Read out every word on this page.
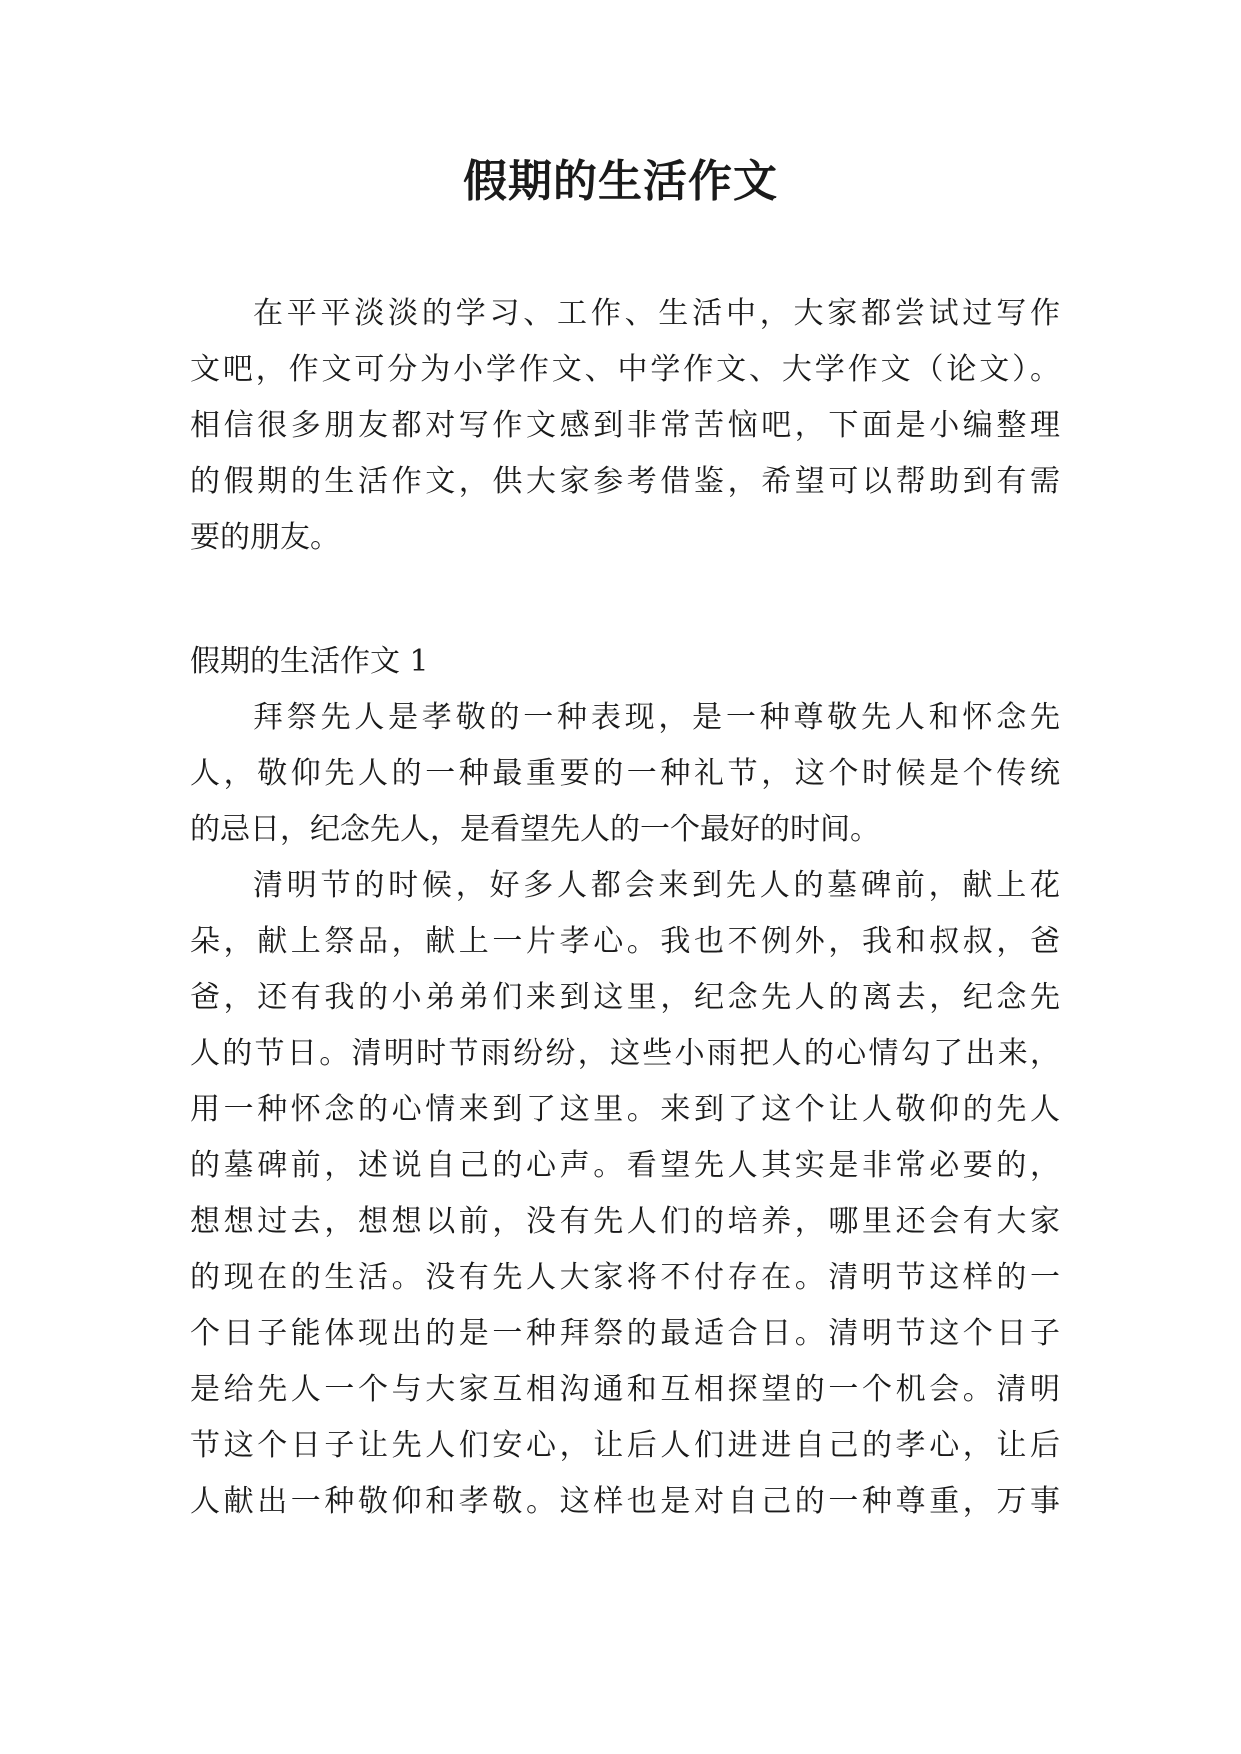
假期的生活作文
在平平淡淡的学习、工作、生活中，大家都尝试过写作
文吧，作文可分为小学作文、中学作文、大学作文（论文）。
相信很多朋友都对写作文感到非常苦恼吧，下面是小编整理
的假期的生活作文，供大家参考借鉴，希望可以帮助到有需
要的朋友。
假期的生活作文 1
拜祭先人是孝敬的一种表现，是一种尊敬先人和怀念先
人，敬仰先人的一种最重要的一种礼节，这个时候是个传统
的忌日，纪念先人，是看望先人的一个最好的时间。
清明节的时候，好多人都会来到先人的墓碑前，献上花
朵，献上祭品，献上一片孝心。我也不例外，我和叔叔，爸
爸，还有我的小弟弟们来到这里，纪念先人的离去，纪念先
人的节日。清明时节雨纷纷，这些小雨把人的心情勾了出来，
用一种怀念的心情来到了这里。来到了这个让人敬仰的先人
的墓碑前，述说自己的心声。看望先人其实是非常必要的，
想想过去，想想以前，没有先人们的培养，哪里还会有大家
的现在的生活。没有先人大家将不付存在。清明节这样的一
个日子能体现出的是一种拜祭的最适合日。清明节这个日子
是给先人一个与大家互相沟通和互相探望的一个机会。清明
节这个日子让先人们安心，让后人们进进自己的孝心，让后
人献出一种敬仰和孝敬。这样也是对自己的一种尊重，万事
